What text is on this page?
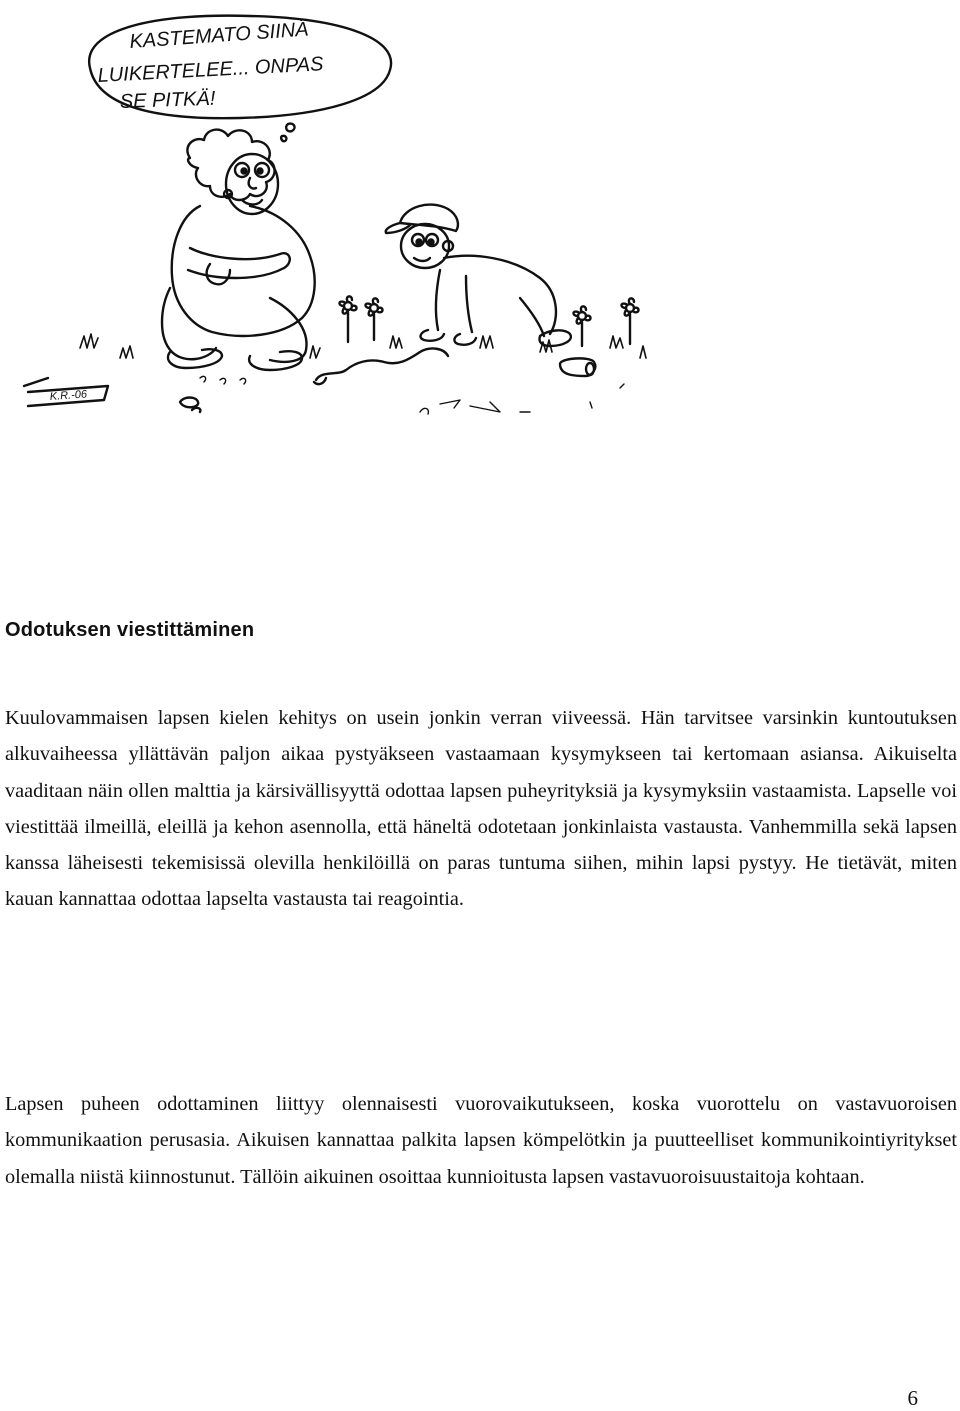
KASTEMATO SIINÄ
LUIKERTELEE... ONPAS
SE PITKÄ!
K.R.-06
Odotuksen viestittäminen

Kuulovammaisen lapsen kielen kehitys on usein jonkin verran viiveessä. Hän tarvitsee varsinkin kuntoutuksen alkuvaiheessa yllättävän paljon aikaa pystyäkseen vastaamaan kysymykseen tai kertomaan asiansa. Aikuiselta vaaditaan näin ollen malttia ja kärsivällisyyttä odottaa lapsen puheyrityksiä ja kysymyksiin vastaamista. Lapselle voi viestittää ilmeillä, eleillä ja kehon asennolla, että häneltä odotetaan jonkinlaista vastausta. Vanhemmilla sekä lapsen kanssa läheisesti tekemisissä olevilla henkilöillä on paras tuntuma siihen, mihin lapsi pystyy. He tietävät, miten kauan kannattaa odottaa lapselta vastausta tai reagointia.

Lapsen puheen odottaminen liittyy olennaisesti vuorovaikutukseen, koska vuorottelu on vastavuoroisen kommunikaation perusasia. Aikuisen kannattaa palkita lapsen kömpelötkin ja puutteelliset kommunikointiyritykset olemalla niistä kiinnostunut. Tällöin aikuinen osoittaa kunnioitusta lapsen vastavuoroisuustaitoja kohtaan.

6
